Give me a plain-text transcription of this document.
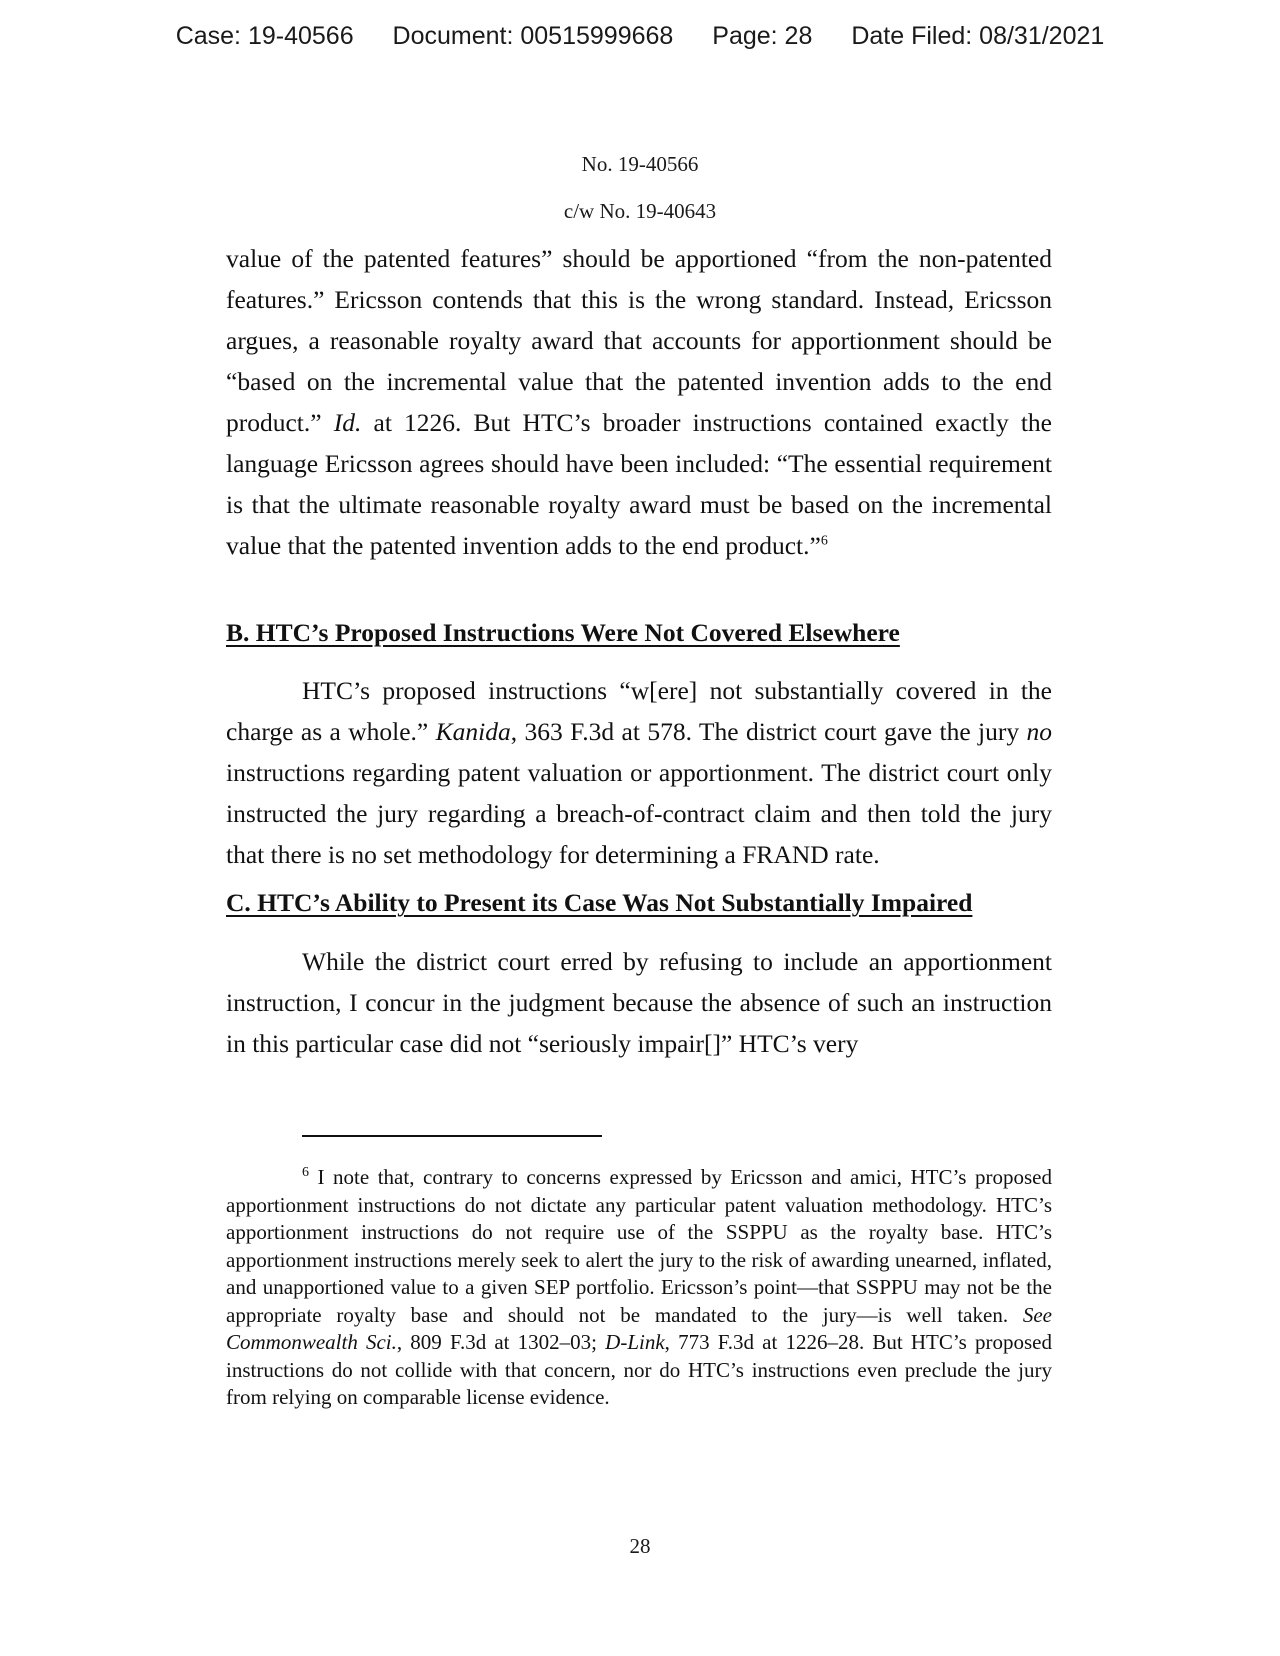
Case: 19-40566 Document: 00515999668 Page: 28 Date Filed: 08/31/2021
No. 19-40566
c/w No. 19-40643

value of the patented features” should be apportioned “from the non-patented features.” Ericsson contends that this is the wrong standard. Instead, Ericsson argues, a reasonable royalty award that accounts for apportionment should be “based on the incremental value that the patented invention adds to the end product.” Id. at 1226. But HTC’s broader instructions contained exactly the language Ericsson agrees should have been included: “The essential requirement is that the ultimate reasonable royalty award must be based on the incremental value that the patented invention adds to the end product.”$^6$

B. HTC’s Proposed Instructions Were Not Covered Elsewhere

HTC’s proposed instructions “w[ere] not substantially covered in the charge as a whole.” Kanida, 363 F.3d at 578. The district court gave the jury no instructions regarding patent valuation or apportionment. The district court only instructed the jury regarding a breach-of-contract claim and then told the jury that there is no set methodology for determining a FRAND rate.

C. HTC’s Ability to Present its Case Was Not Substantially Impaired

While the district court erred by refusing to include an apportionment instruction, I concur in the judgment because the absence of such an instruction in this particular case did not “seriously impair[]” HTC’s very

$^6$ I note that, contrary to concerns expressed by Ericsson and amici, HTC’s proposed apportionment instructions do not dictate any particular patent valuation methodology. HTC’s apportionment instructions do not require use of the SSPPU as the royalty base. HTC’s apportionment instructions merely seek to alert the jury to the risk of awarding unearned, inflated, and unapportioned value to a given SEP portfolio. Ericsson’s point—that SSPPU may not be the appropriate royalty base and should not be mandated to the jury—is well taken. See Commonwealth Sci., 809 F.3d at 1302–03; D-Link, 773 F.3d at 1226–28. But HTC’s proposed instructions do not collide with that concern, nor do HTC’s instructions even preclude the jury from relying on comparable license evidence.

28
